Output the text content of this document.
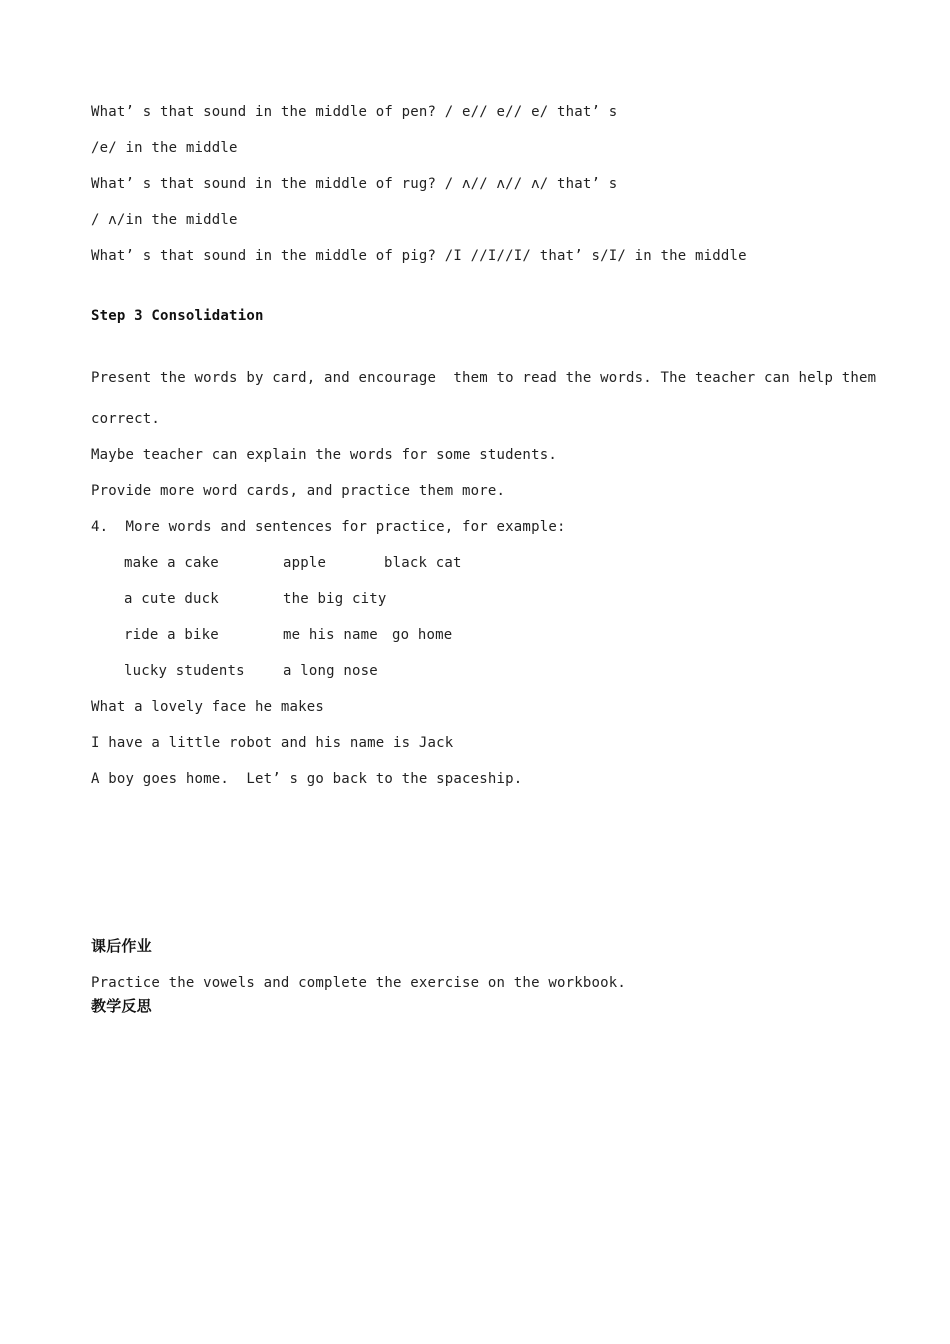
What’ s that sound in the middle of pen? / e// e// e/ that’ s
/e/ in the middle
What’ s that sound in the middle of rug? / ʌ// ʌ// ʌ/ that’ s
/ ʌ/in the middle
What’ s that sound in the middle of pig? /I //I//I/ that’ s/I/ in the middle
Step 3 Consolidation
Present the words by card, and encourage  them to read the words. The teacher can help them
correct.
Maybe teacher can explain the words for some students.
Provide more word cards, and practice them more.
4.  More words and sentences for practice, for example:
make a cake	apple	black cat
a cute duck	the big city
ride a bike	me his name go home
lucky students	a long nose
What a lovely face he makes
I have a little robot and his name is Jack
A boy goes home.  Let’ s go back to the spaceship.
课后作业
Practice the vowels and complete the exercise on the workbook.
教学反思
